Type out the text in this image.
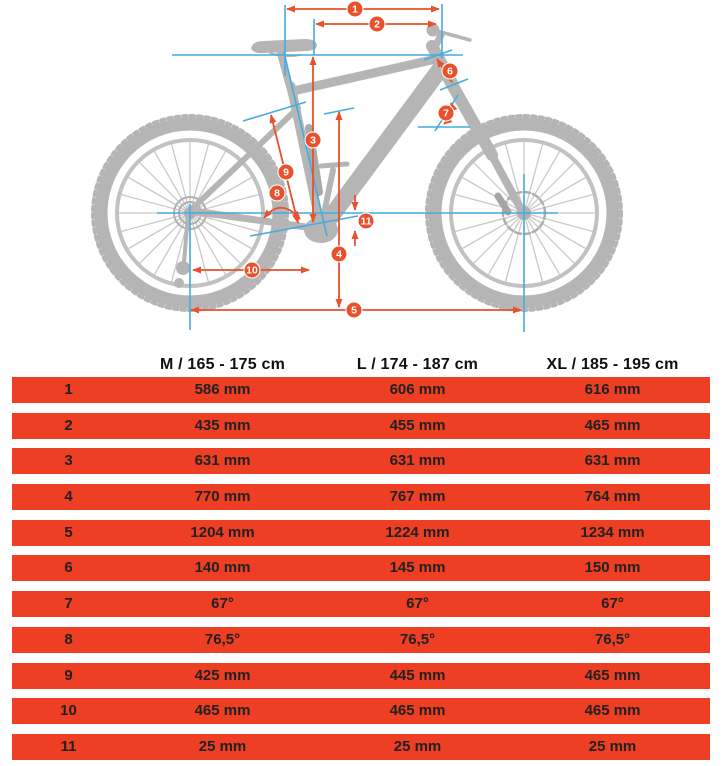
1
2
3
4
5
6
7
8
9
10
11
M / 165 - 175 cm	L / 174 - 187 cm	XL / 185 - 195 cm
1	586 mm	606 mm	616 mm
2	435 mm	455 mm	465 mm
3	631 mm	631 mm	631 mm
4	770 mm	767 mm	764 mm
5	1204 mm	1224 mm	1234 mm
6	140 mm	145 mm	150 mm
7	67°	67°	67°
8	76,5°	76,5°	76,5°
9	425 mm	445 mm	465 mm
10	465 mm	465 mm	465 mm
11	25 mm	25 mm	25 mm
